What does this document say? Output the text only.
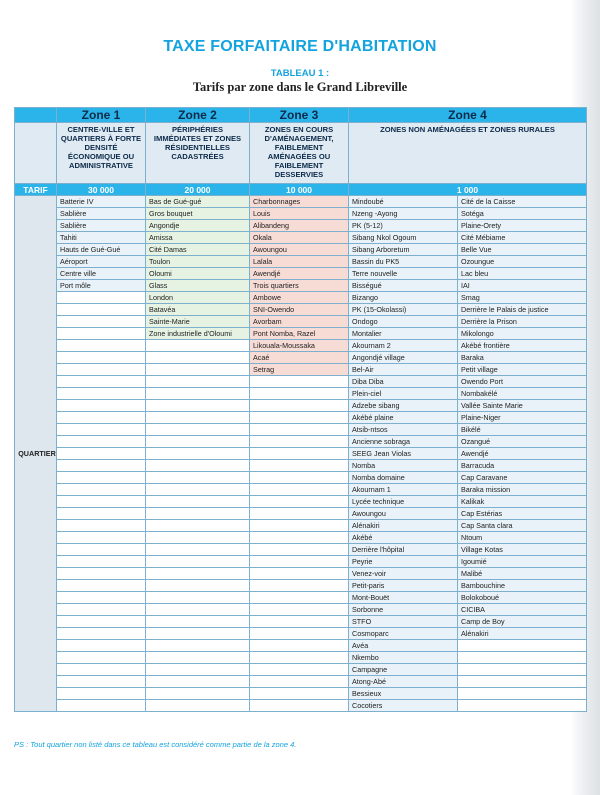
TAXE FORFAITAIRE D'HABITATION
TABLEAU 1 :
Tarifs par zone dans le Grand Libreville
	Zone 1	Zone 2	Zone 3	Zone 4	
	CENTRE-VILLE ET QUARTIERS À FORTE DENSITÉ ÉCONOMIQUE OU ADMINISTRATIVE	PÉRIPHÉRIES IMMÉDIATES ET ZONES RÉSIDENTIELLES CADASTRÉES	ZONES EN COURS D'AMÉNAGEMENT, FAIBLEMENT AMÉNAGÉES OU FAIBLEMENT DESSERVIES	ZONES NON AMÉNAGÉES ET ZONES RURALES	
TARIF	30 000	20 000	10 000	1 000	
QUARTIER	Batterie IV	Bas de Gué-gué	Charbonnages	Mindoubé	Cité de la Caisse
	Sablière	Gros bouquet	Louis	Nzeng -Ayong	Sotéga
	Sablière	Angondje	Alibandeng	PK (5-12)	Plaine-Orety
	Tahiti	Amissa	Okala	Sibang Nkol Ogoum	Cité Mébiame
	Hauts de Gué-Gué	Cité Damas	Awoungou	Sibang Arboretum	Belle Vue
	Aéroport	Toulon	Lalala	Bassin du PK5	Ozoungue
	Centre ville	Oloumi	Awendjé	Terre nouvelle	Lac bleu
	Port môle	Glass	Trois quartiers	Bisségué	IAI
		London	Ambowe	Bizango	Smag
		Batavéa	SNI-Owendo	PK (15-Okolassi)	Derrière le Palais de justice
		Sainte-Marie	Avorbam	Ondogo	Derrière la Prison
		Zone industrielle d'Oloumi	Pont Nomba, Razel	Montalier	Mikolongo
			Likouala-Moussaka	Akournam 2	Akébé frontière
			Acaé	Angondjé village	Baraka
			Setrag	Bel-Air	Petit village
				Diba Diba	Owendo Port
				Plein-ciel	Nombakélé
				Adzebe sibang	Vallée Sainte Marie
				Akébé plaine	Plaine-Niger
				Atsib-ntsos	Bikélé
				Ancienne sobraga	Ozangué
				SEEG Jean Violas	Awendjé
				Nomba	Barracuda
				Nomba domaine	Cap Caravane
				Akournam 1	Baraka mission
				Lycée technique	Kalikak
				Awoungou	Cap Estérias
				Alénakiri	Cap Santa clara
				Akébé	Ntoum
				Derrière l'hôpital	Village Kotas
				Peyrie	Igoumié
				Venez-voir	Malibé
				Petit-paris	Bambouchine
				Mont-Bouët	Bolokoboué
				Sorbonne	CICIBA
				STFO	Camp de Boy
				Cosmoparc	Alénakiri
				Avéa	
				Nkembo	
				Campagne	
				Atong-Abé	
				Bessieux	
				Cocotiers	
PS : Tout quartier non listé dans ce tableau est considéré comme partie de la zone 4.
